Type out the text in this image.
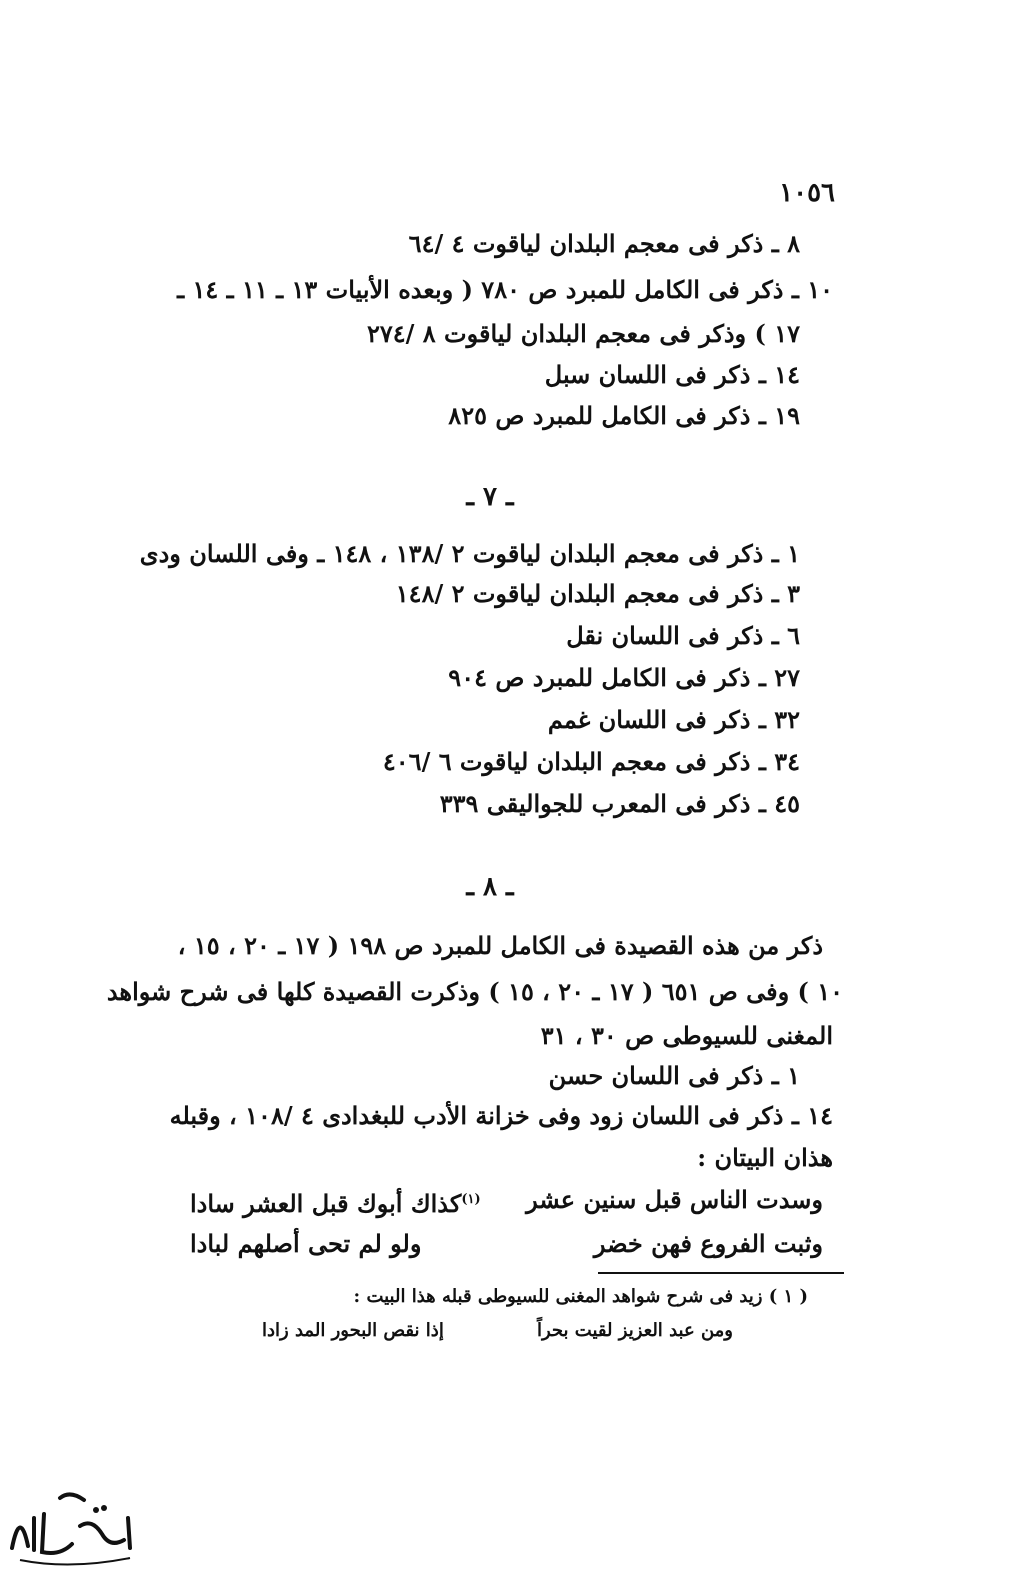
١٠٥٦
٨ ـ ذكر فى معجم البلدان لياقوت ٤ /٦٤
١٠ ـ ذكر فى الكامل للمبرد ص ٧٨٠ ( وبعده الأبيات ١٣ ـ ١١ ـ ١٤ ـ
١٧ ) وذكر فى معجم البلدان لياقوت ٨ /٢٧٤
١٤ ـ ذكر فى اللسان سبل
١٩ ـ ذكر فى الكامل للمبرد ص ٨٢٥
ـ ٧ ـ
١ ـ ذكر فى معجم البلدان لياقوت ٢ /١٣٨ ، ١٤٨ ـ وفى اللسان ودى
٣ ـ ذكر فى معجم البلدان لياقوت ٢ /١٤٨
٦ ـ ذكر فى اللسان نقل
٢٧ ـ ذكر فى الكامل للمبرد ص ٩٠٤
٣٢ ـ ذكر فى اللسان غمم
٣٤ ـ ذكر فى معجم البلدان لياقوت ٦ /٤٠٦
٤٥ ـ ذكر فى المعرب للجواليقى ٣٣٩
ـ ٨ ـ
ذكر من هذه القصيدة فى الكامل للمبرد ص ١٩٨ ( ١٧ ـ ٢٠ ، ١٥ ،
١٠ ) وفى ص ٦٥١ ( ١٧ ـ ٢٠ ، ١٥ ) وذكرت القصيدة كلها فى شرح شواهد
المغنى للسيوطى ص ٣٠ ، ٣١
١ ـ ذكر فى اللسان حسن
١٤ ـ ذكر فى اللسان زود وفى خزانة الأدب للبغدادى ٤ /١٠٨ ، وقبله
هذان البيتان :
وسدت الناس قبل سنين عشر
$^{(١)}$كذاك أبوك قبل العشر سادا
وثبت الفروع فهن خضر
ولو لم تحى أصلهم لبادا
( ١ ) زيد فى شرح شواهد المغنى للسيوطى قبله هذا البيت :
ومن عبد العزيز لقيت بحراً
إذا نقص البحور المد زادا
